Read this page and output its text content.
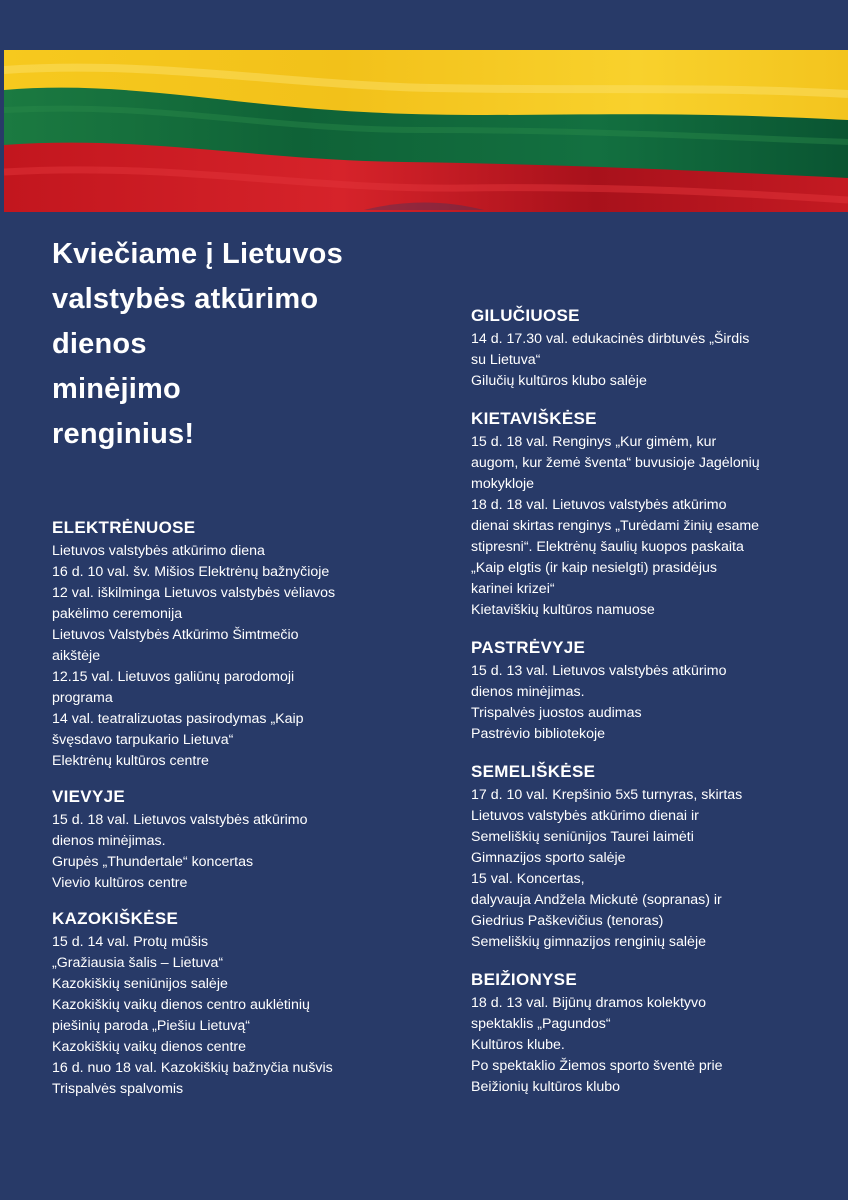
Kviečiame į Lietuvos
valstybės atkūrimo
dienos
minėjimo
renginius!
ELEKTRĖNUOSE
Lietuvos valstybės atkūrimo diena
16 d. 10 val. šv. Mišios Elektrėnų bažnyčioje
12 val. iškilminga Lietuvos valstybės vėliavos
pakėlimo ceremonija
Lietuvos Valstybės Atkūrimo Šimtmečio
aikštėje
12.15 val. Lietuvos galiūnų parodomoji
programa
14 val. teatralizuotas pasirodymas „Kaip
švęsdavo tarpukario Lietuva“
Elektrėnų kultūros centre
VIEVYJE
15 d. 18 val. Lietuvos valstybės atkūrimo
dienos minėjimas.
Grupės „Thundertale“ koncertas
Vievio kultūros centre
KAZOKIŠKĖSE
15 d. 14 val. Protų mūšis
„Gražiausia šalis – Lietuva“
Kazokiškių seniūnijos salėje
Kazokiškių vaikų dienos centro auklėtinių
piešinių paroda „Piešiu Lietuvą“
Kazokiškių vaikų dienos centre
16 d. nuo 18 val. Kazokiškių bažnyčia nušvis
Trispalvės spalvomis
GILUČIUOSE
14 d. 17.30 val. edukacinės dirbtuvės „Širdis
su Lietuva“
Gilučių kultūros klubo salėje
KIETAVIŠKĖSE
15 d. 18 val. Renginys „Kur gimėm, kur
augom, kur žemė šventa“ buvusioje Jagėlonių
mokykloje
18 d. 18 val. Lietuvos valstybės atkūrimo
dienai skirtas renginys „Turėdami žinių esame
stipresni“. Elektrėnų šaulių kuopos paskaita
„Kaip elgtis (ir kaip nesielgti) prasidėjus
karinei krizei“
Kietaviškių kultūros namuose
PASTRĖVYJE
15 d. 13 val. Lietuvos valstybės atkūrimo
dienos minėjimas.
Trispalvės juostos audimas
Pastrėvio bibliotekoje
SEMELIŠKĖSE
17 d. 10 val. Krepšinio 5x5 turnyras, skirtas
Lietuvos valstybės atkūrimo dienai ir
Semeliškių seniūnijos Taurei laimėti
Gimnazijos sporto salėje
15 val. Koncertas,
dalyvauja Andžela Mickutė (sopranas) ir
Giedrius Paškevičius (tenoras)
Semeliškių gimnazijos renginių salėje
BEIŽIONYSE
18 d. 13 val. Bijūnų dramos kolektyvo
spektaklis „Pagundos“
Kultūros klube.
Po spektaklio Žiemos sporto šventė prie
Beižionių kultūros klubo
